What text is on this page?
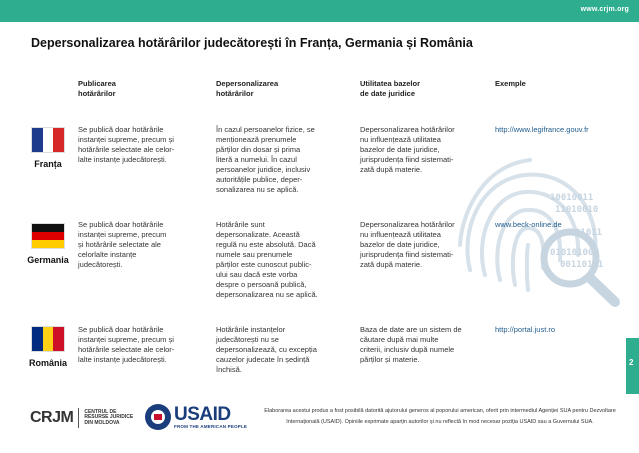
www.crjm.org
Depersonalizarea hotărârilor judecătorești în Franța, Germania și România
Publicarea
hotărârilor
Depersonalizarea
hotărârilor
Utilitatea bazelor
de date juridice
Exemple
10010011
11010010
01011
010101001
00110101
Franța
Se publică doar hotărârile
instanței supreme, precum și
hotărârile selectate ale celor-
lalte instanțe judecătorești.
În cazul persoanelor fizice, se
menționează prenumele
părților din dosar și prima
literă a numelui. În cazul
persoanelor juridice, inclusiv
autoritățile publice, deper-
sonalizarea nu se aplică.
Depersonalizarea hotărârilor
nu influențează utilitatea
bazelor de date juridice,
jurisprudența fiind sistemati-
zată după materie.
http://www.legifrance.gouv.fr
Germania
Se publică doar hotărârile
instanței supreme, precum
și hotărârile selectate ale
celorlalte instanțe
judecătorești.
Hotărârile sunt
depersonalizate. Această
regulă nu este absolută. Dacă
numele sau prenumele
părților este cunoscut public-
ului sau dacă este vorba
despre o persoană publică,
depersonalizarea nu se aplică.
Depersonalizarea hotărârilor
nu influențează utilitatea
bazelor de date juridice,
jurisprudența fiind sistemati-
zată după materie.
www.beck-online.de
România
Se publică doar hotărârile
instanței supreme, precum și
hotărârile selectate ale celor-
lalte instanțe judecătorești.
Hotărârile instanțelor
judecătorești nu se
depersonalizează, cu excepția
cauzelor judecate în ședință
închisă.
Baza de date are un sistem de
căutare după mai multe
criterii, inclusiv după numele
părților și materie.
http://portal.just.ro
2
CRJM CENTRUL DE
RESURSE JURIDICE
DIN MOLDOVA	USAID
FROM THE AMERICAN PEOPLE
Elaborarea acestui produs a fost posibilă datorită ajutorului generos al poporului american, oferit prin intermediul Agenției SUA pentru Dezvoltare Internațională (USAID). Opiniile exprimate aparțin autorilor și nu reflectă în mod necesar poziția USAID sau a Guvernului SUA.
